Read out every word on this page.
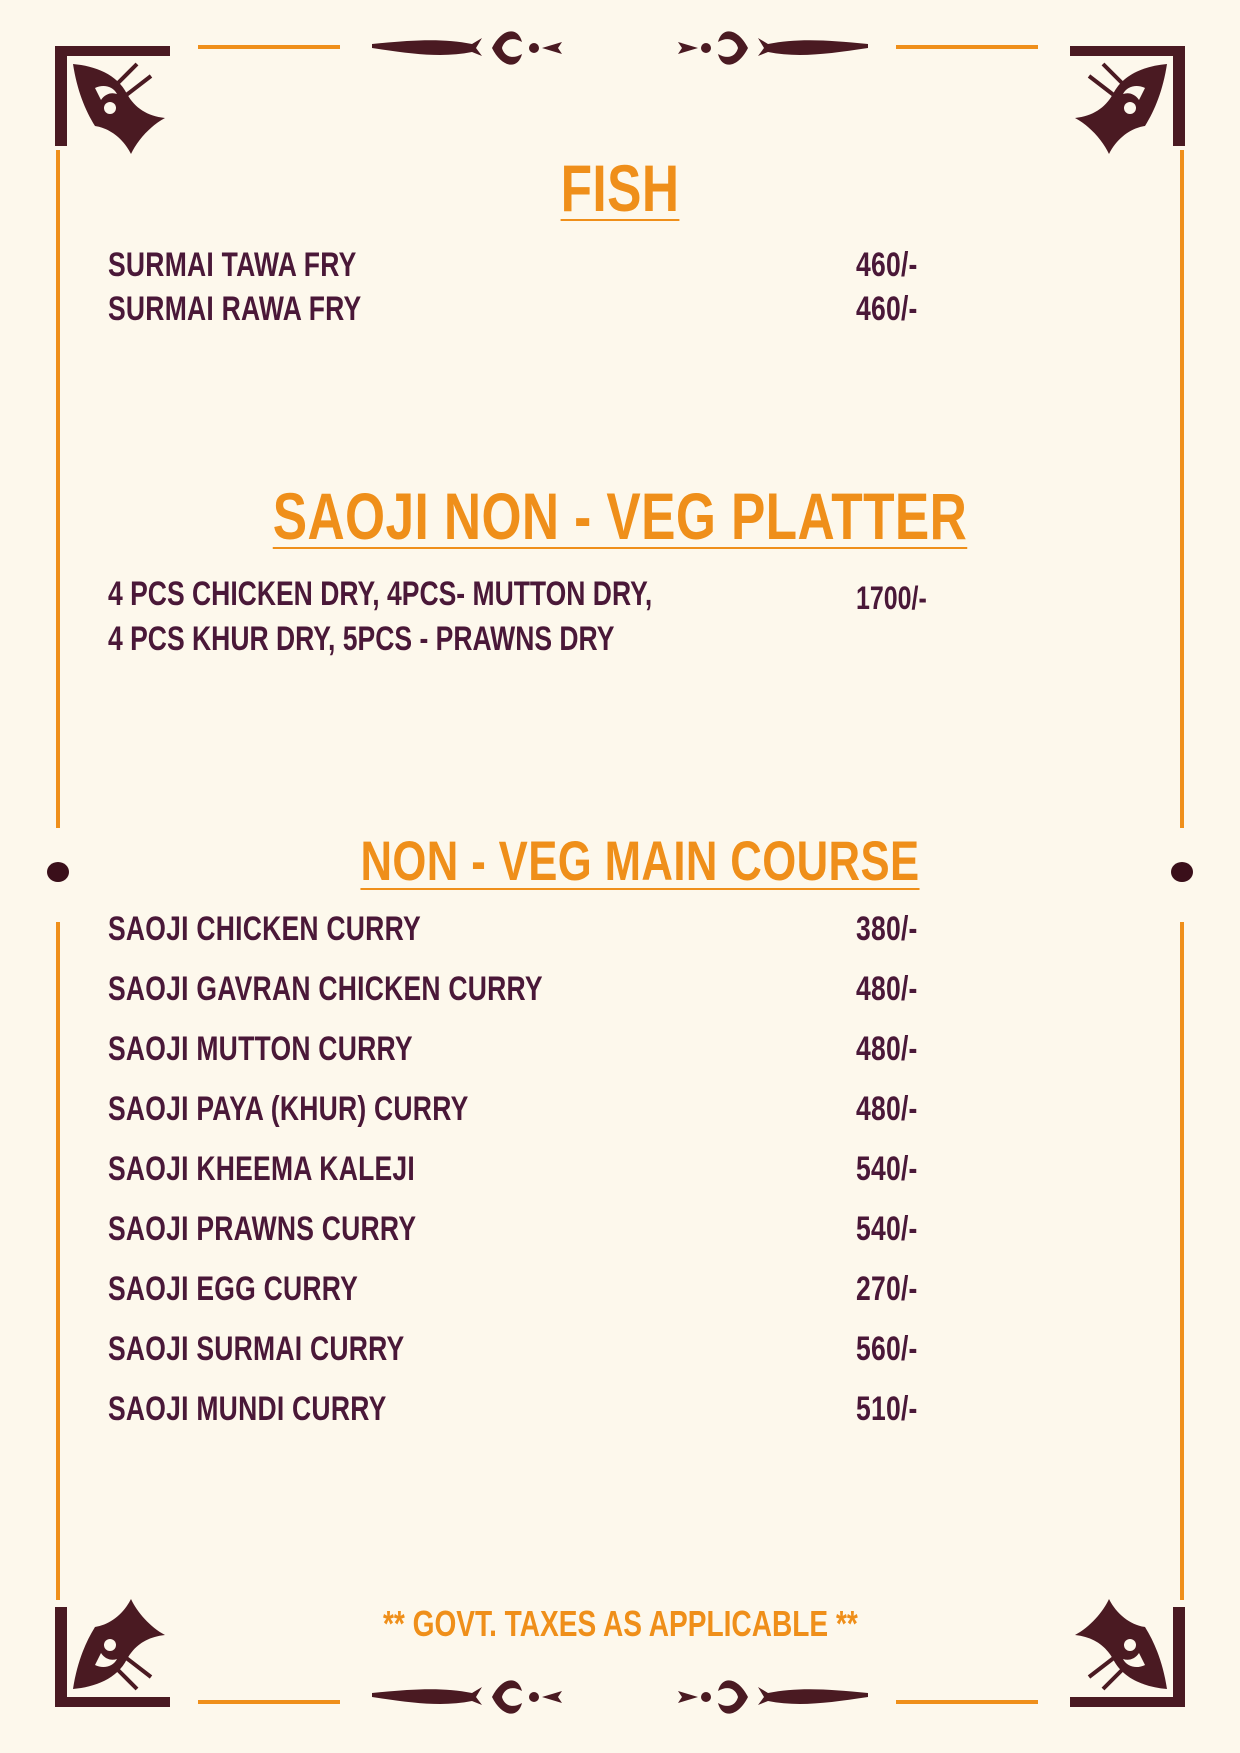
FISH
SURMAI TAWA FRY	460/-
SURMAI RAWA FRY	460/-
SAOJI NON - VEG PLATTER
4 PCS CHICKEN DRY, 4PCS- MUTTON DRY,
4 PCS KHUR DRY, 5PCS - PRAWNS DRY
1700/-
NON - VEG MAIN COURSE
SAOJI CHICKEN CURRY	380/-
SAOJI GAVRAN CHICKEN CURRY	480/-
SAOJI MUTTON CURRY	480/-
SAOJI PAYA (KHUR) CURRY	480/-
SAOJI KHEEMA KALEJI	540/-
SAOJI PRAWNS CURRY	540/-
SAOJI EGG CURRY	270/-
SAOJI SURMAI CURRY	560/-
SAOJI MUNDI CURRY	510/-
** GOVT. TAXES AS APPLICABLE **
